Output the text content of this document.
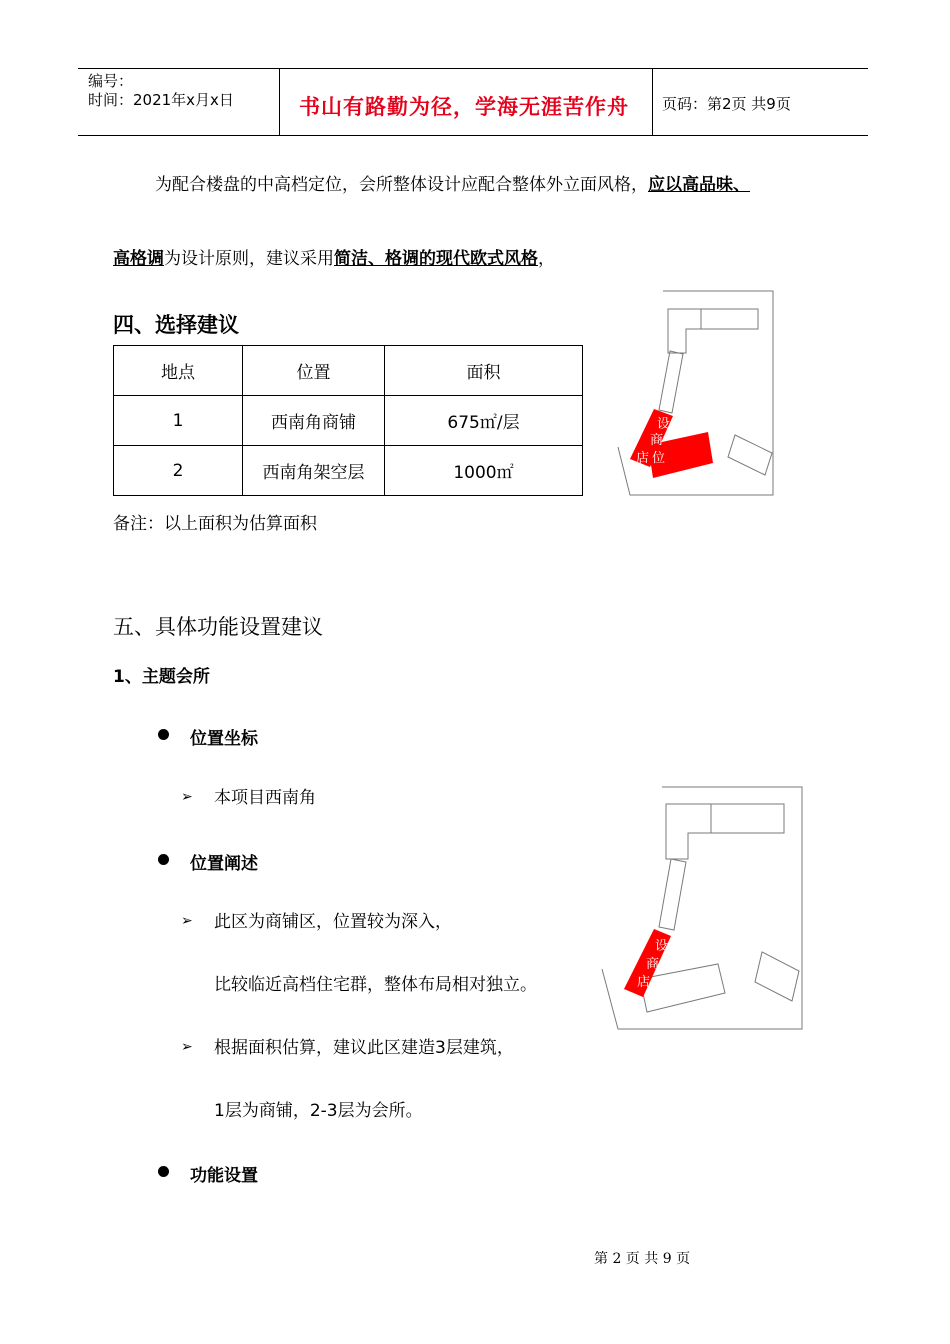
编号：
时间：2021年x月x日	书山有路勤为径，学海无涯苦作舟 页码：第2页 共9页
为配合楼盘的中高档定位，会所整体设计应配合整体外立面风格，应以高品味、
高格调为设计原则，建议采用简洁、格调的现代欧式风格，
四、选择建议
地点	位置	面积
1	西南角商铺	675㎡/层
2	西南角架空层	1000㎡
备注：以上面积为估算面积
设
商
店 位
五、具体功能设置建议
1、主题会所
位置坐标
➢ 本项目西南角
位置阐述
➢ 此区为商铺区，位置较为深入，
比较临近高档住宅群，整体布局相对独立。
➢ 根据面积估算，建议此区建造3层建筑，
1层为商铺，2-3层为会所。
功能设置
设
商
店
第 2 页 共 9 页
